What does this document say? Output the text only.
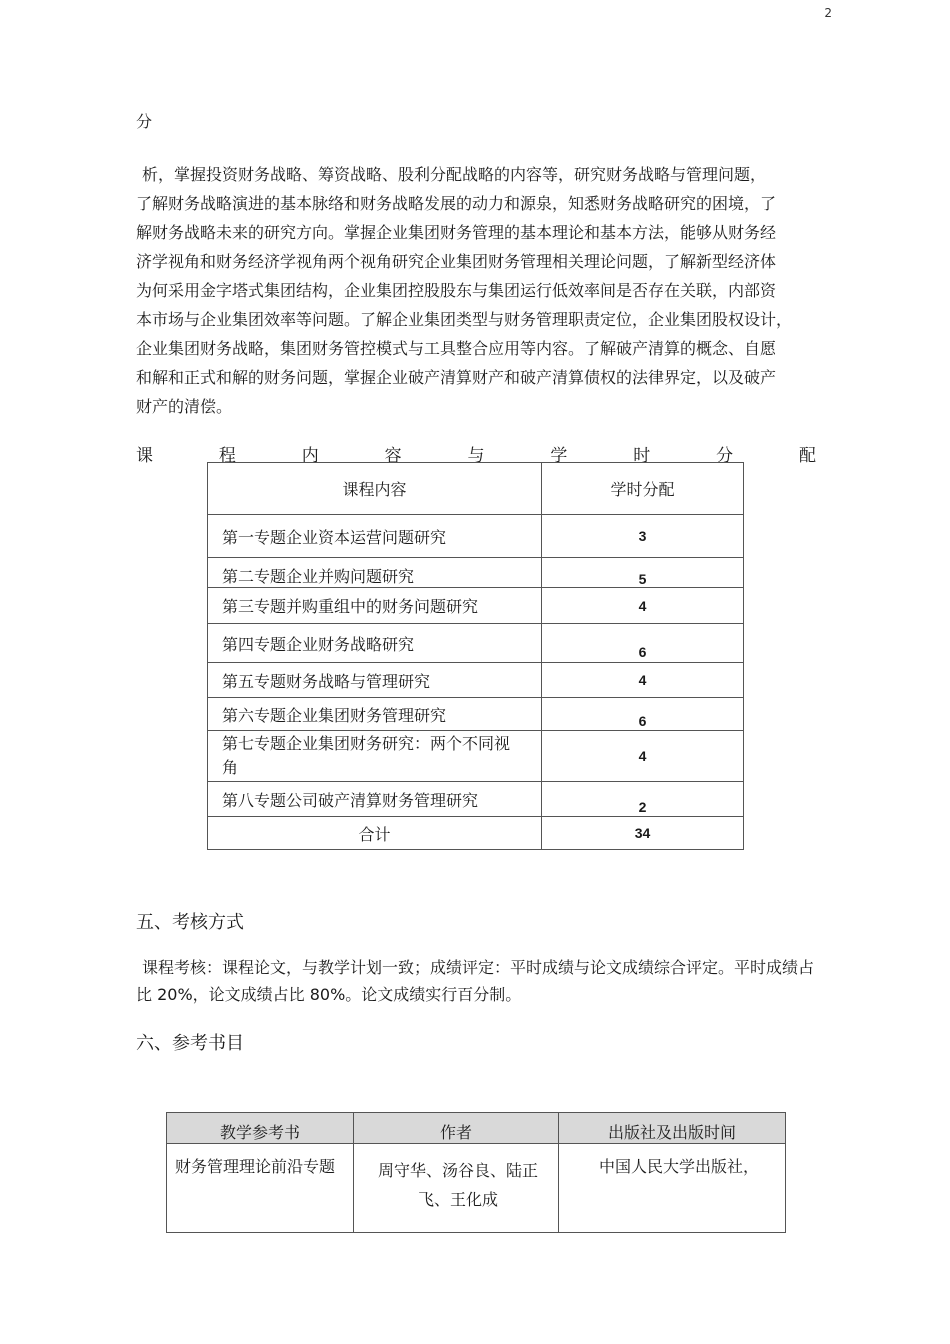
2
分
析，掌握投资财务战略、筹资战略、股利分配战略的内容等，研究财务战略与管理问题，
了解财务战略演进的基本脉络和财务战略发展的动力和源泉，知悉财务战略研究的困境，了
解财务战略未来的研究方向。掌握企业集团财务管理的基本理论和基本方法，能够从财务经
济学视角和财务经济学视角两个视角研究企业集团财务管理相关理论问题，了解新型经济体
为何采用金字塔式集团结构，企业集团控股股东与集团运行低效率间是否存在关联，内部资
本市场与企业集团效率等问题。了解企业集团类型与财务管理职责定位，企业集团股权设计，
企业集团财务战略，集团财务管控模式与工具整合应用等内容。了解破产清算的概念、自愿
和解和正式和解的财务问题，掌握企业破产清算财产和破产清算债权的法律界定，以及破产
财产的清偿。
课	程	内	容	与	学	时	分	配
课程内容	学时分配
第一专题企业资本运营问题研究	3
第二专题企业并购问题研究	5
第三专题并购重组中的财务问题研究	4
第四专题企业财务战略研究	6
第五专题财务战略与管理研究	4
第六专题企业集团财务管理研究	6
第七专题企业集团财务研究：两个不同视角	4
第八专题公司破产清算财务管理研究	2
合计	34
五、考核方式
课程考核：课程论文，与教学计划一致；成绩评定：平时成绩与论文成绩综合评定。平时成绩占比 20%，论文成绩占比 80%。论文成绩实行百分制。
六、参考书目
教学参考书	作者	出版社及出版时间
财务管理理论前沿专题	周守华、汤谷良、陆正飞、王化成	中国人民大学出版社，
